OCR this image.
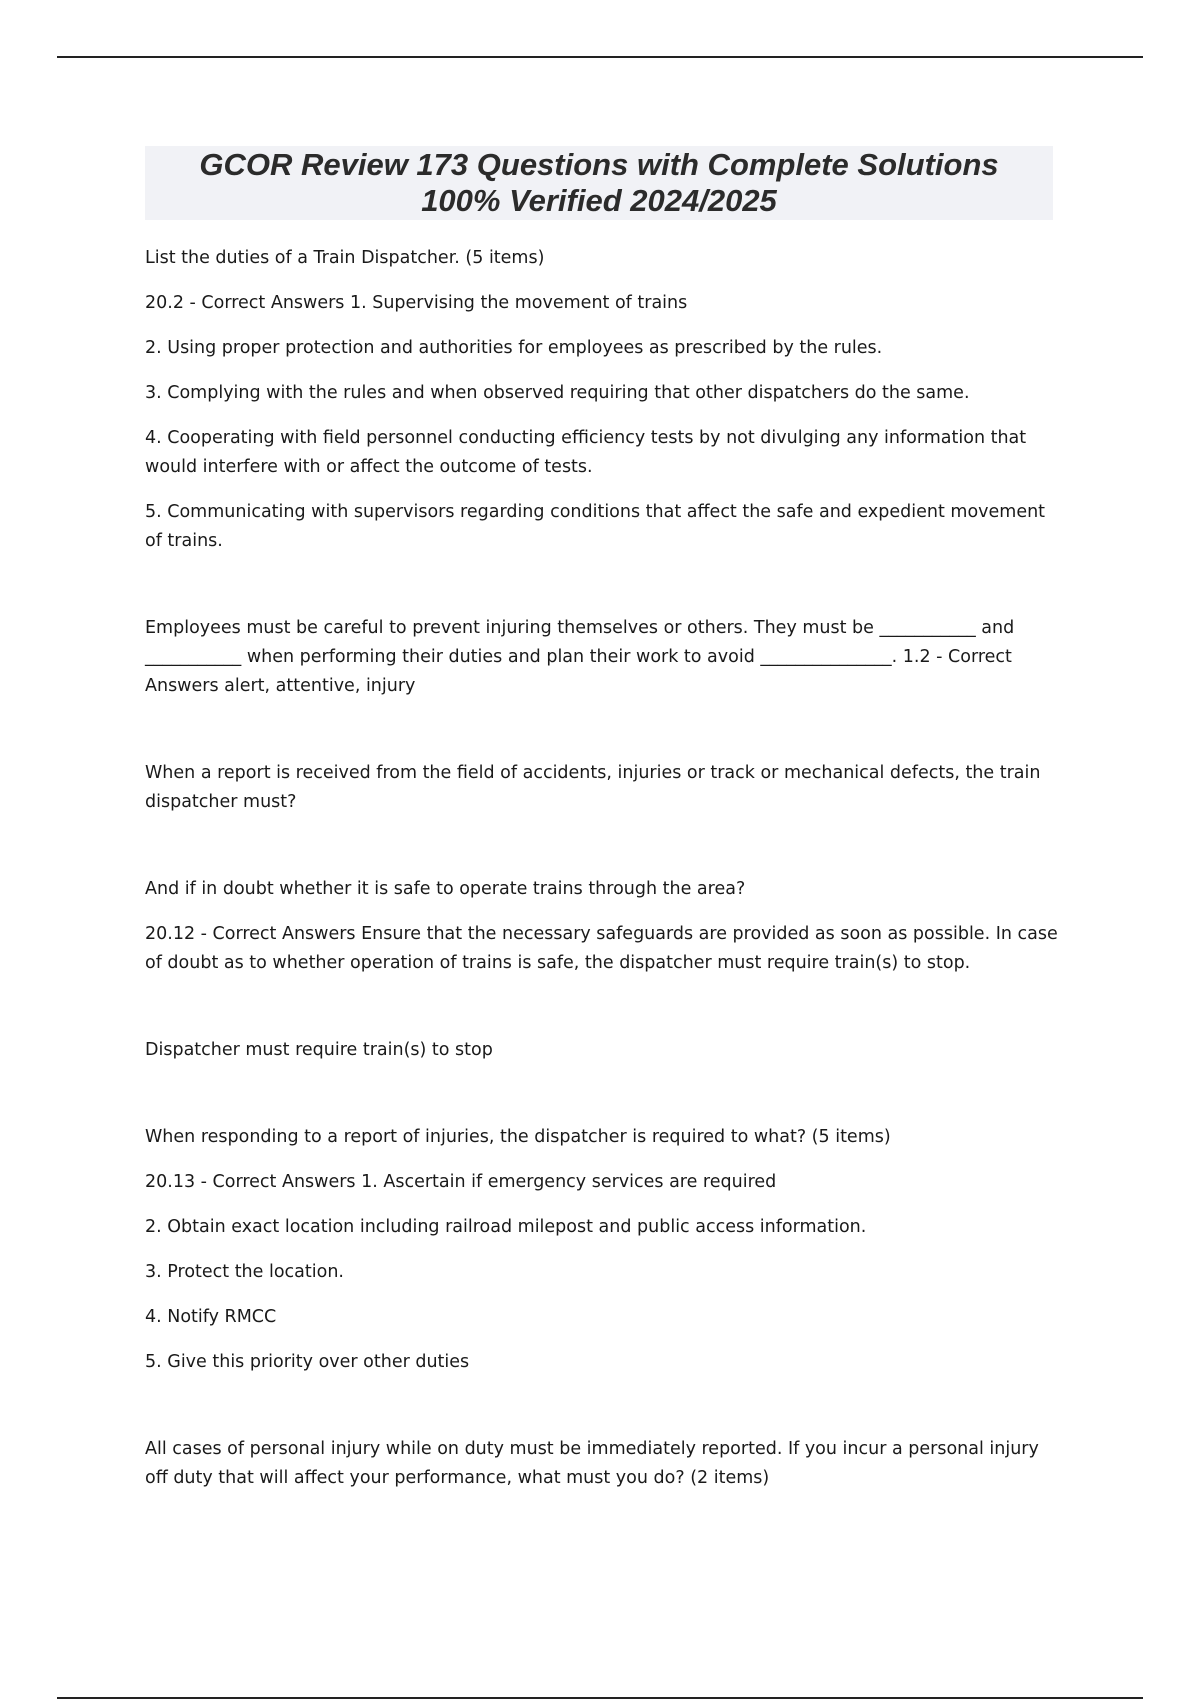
GCOR Review 173 Questions with Complete Solutions
100% Verified 2024/2025

List the duties of a Train Dispatcher. (5 items)

20.2 - Correct Answers 1. Supervising the movement of trains

2. Using proper protection and authorities for employees as prescribed by the rules.

3. Complying with the rules and when observed requiring that other dispatchers do the same.

4. Cooperating with field personnel conducting efficiency tests by not divulging any information that would interfere with or affect the outcome of tests.

5. Communicating with supervisors regarding conditions that affect the safe and expedient movement of trains.

Employees must be careful to prevent injuring themselves or others. They must be ___________ and ___________ when performing their duties and plan their work to avoid _______________. 1.2 - Correct Answers alert, attentive, injury

When a report is received from the field of accidents, injuries or track or mechanical defects, the train dispatcher must?

And if in doubt whether it is safe to operate trains through the area?

20.12 - Correct Answers Ensure that the necessary safeguards are provided as soon as possible. In case of doubt as to whether operation of trains is safe, the dispatcher must require train(s) to stop.

Dispatcher must require train(s) to stop

When responding to a report of injuries, the dispatcher is required to what? (5 items)

20.13 - Correct Answers 1. Ascertain if emergency services are required

2. Obtain exact location including railroad milepost and public access information.

3. Protect the location.

4. Notify RMCC

5. Give this priority over other duties

All cases of personal injury while on duty must be immediately reported. If you incur a personal injury off duty that will affect your performance, what must you do? (2 items)
